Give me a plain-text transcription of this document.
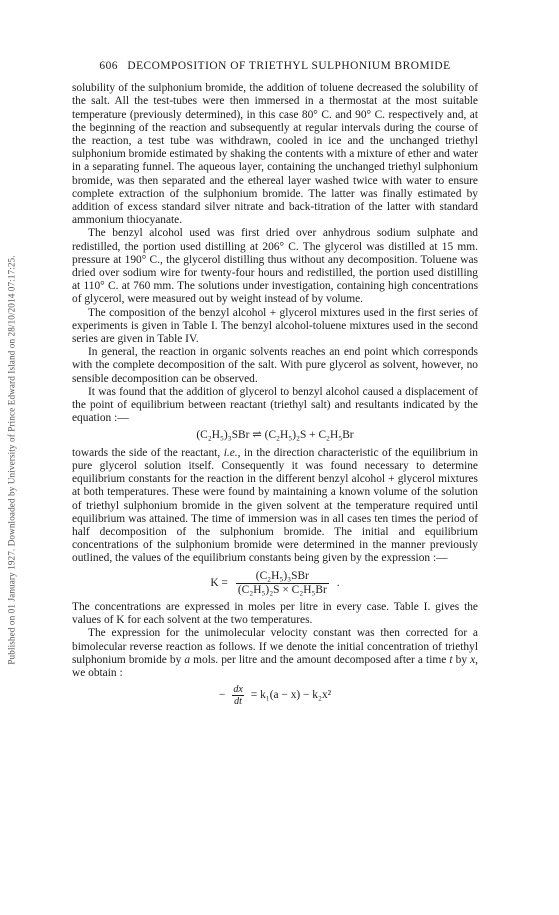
Published on 01 January 1927. Downloaded by University of Prince Edward Island on 28/10/2014 07:17:25.
606 DECOMPOSITION OF TRIETHYL SULPHONIUM BROMIDE

solubility of the sulphonium bromide, the addition of toluene decreased the solubility of the salt. All the test-tubes were then immersed in a thermostat at the most suitable temperature (previously determined), in this case 80° C. and 90° C. respectively and, at the beginning of the reaction and subsequently at regular intervals during the course of the reaction, a test tube was withdrawn, cooled in ice and the unchanged triethyl sulphonium bromide estimated by shaking the contents with a mixture of ether and water in a separating funnel. The aqueous layer, containing the unchanged triethyl sulphonium bromide, was then separated and the ethereal layer washed twice with water to ensure complete extraction of the sulphonium bromide. The latter was finally estimated by addition of excess standard silver nitrate and back-titration of the latter with standard ammonium thiocyanate.

The benzyl alcohol used was first dried over anhydrous sodium sulphate and redistilled, the portion used distilling at 206° C. The glycerol was distilled at 15 mm. pressure at 190° C., the glycerol distilling thus without any decomposition. Toluene was dried over sodium wire for twenty-four hours and redistilled, the portion used distilling at 110° C. at 760 mm. The solutions under investigation, containing high concentrations of glycerol, were measured out by weight instead of by volume.

The composition of the benzyl alcohol + glycerol mixtures used in the first series of experiments is given in Table I. The benzyl alcohol-toluene mixtures used in the second series are given in Table IV.

In general, the reaction in organic solvents reaches an end point which corresponds with the complete decomposition of the salt. With pure glycerol as solvent, however, no sensible decomposition can be observed.

It was found that the addition of glycerol to benzyl alcohol caused a displacement of the point of equilibrium between reactant (triethyl salt) and resultants indicated by the equation :—

(C₂H₅)₃SBr ⇌ (C₂H₅)₂S + C₂H₅Br

towards the side of the reactant, i.e., in the direction characteristic of the equilibrium in pure glycerol solution itself. Consequently it was found necessary to determine equilibrium constants for the reaction in the different benzyl alcohol + glycerol mixtures at both temperatures. These were found by maintaining a known volume of the solution of triethyl sulphonium bromide in the given solvent at the temperature required until equilibrium was attained. The time of immersion was in all cases ten times the period of half decomposition of the sulphonium bromide. The initial and equilibrium concentrations of the sulphonium bromide were determined in the manner previously outlined, the values of the equilibrium constants being given by the expression :—

$K = \frac{\text{(C₂H₅)₃SBr}}{\text{(C₂H₅)₂S × C₂H₅Br}}$ .

The concentrations are expressed in moles per litre in every case. Table I. gives the values of K for each solvent at the two temperatures.

The expression for the unimolecular velocity constant was then corrected for a bimolecular reverse reaction as follows. If we denote the initial concentration of triethyl sulphonium bromide by a mols. per litre and the amount decomposed after a time t by x, we obtain :

− $\frac{dx}{dt} = k_1(a - x) - k_2x^2$
